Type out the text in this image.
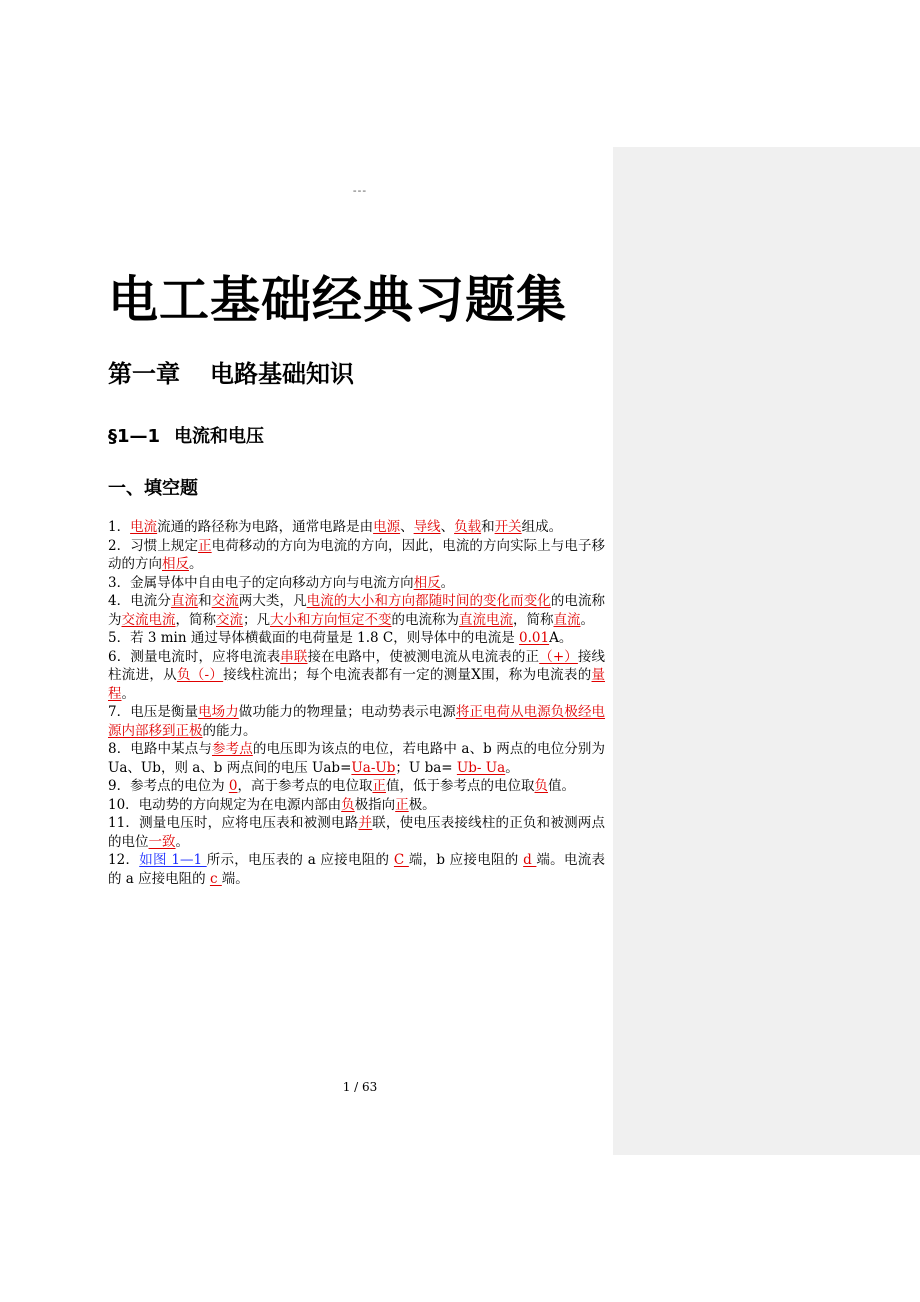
---
电工基础经典习题集
第一章 电路基础知识
§1—1 电流和电压
一、填空题

1．电流流通的路径称为电路，通常电路是由电源、导线、负载和开关组成。

2．习惯上规定正电荷移动的方向为电流的方向，因此，电流的方向实际上与电子移动的方向相反。

3．金属导体中自由电子的定向移动方向与电流方向相反。

4．电流分直流和交流两大类，凡电流的大小和方向都随时间的变化而变化的电流称为交流电流，简称交流；凡大小和方向恒定不变的电流称为直流电流，简称直流。

5．若 3 min 通过导体横截面的电荷量是 1.8 C，则导体中的电流是 0.01A。

6．测量电流时，应将电流表串联接在电路中，使被测电流从电流表的正（+）接线柱流进，从负（-）接线柱流出；每个电流表都有一定的测量X围，称为电流表的量程。

7．电压是衡量电场力做功能力的物理量；电动势表示电源将正电荷从电源负极经电源内部移到正极的能力。

8．电路中某点与参考点的电压即为该点的电位，若电路中 a、b 两点的电位分别为 Ua、Ub，则 a、b 两点间的电压 Uab=Ua-Ub；U ba= Ub- Ua。

9．参考点的电位为 0，高于参考点的电位取正值，低于参考点的电位取负值。

10．电动势的方向规定为在电源内部由负极指向正极。

11．测量电压时，应将电压表和被测电路并联，使电压表接线柱的正负和被测两点的电位一致。

12．如图 1—1 所示，电压表的 a 应接电阻的 C 端，b 应接电阻的 d 端。电流表的 a 应接电阻的 c 端。

1 / 63
